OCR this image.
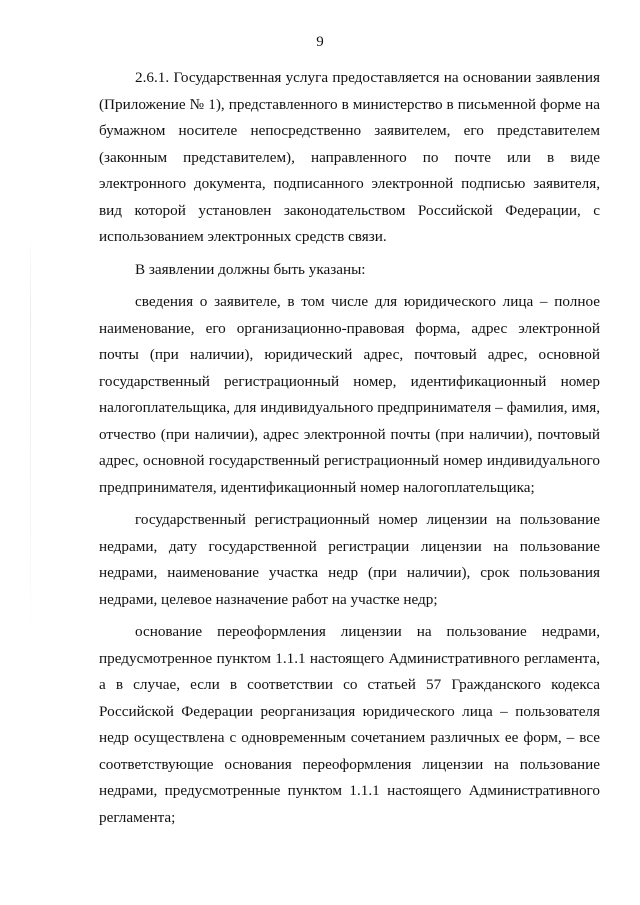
9
2.6.1. Государственная услуга предоставляется на основании заявления
(Приложение № 1), представленного в министерство в письменной форме на
бумажном носителе непосредственно заявителем, его представителем
(законным представителем), направленного по почте или в виде
электронного документа, подписанного электронной подписью заявителя,
вид которой установлен законодательством Российской Федерации, с
использованием электронных средств связи.
В заявлении должны быть указаны:
сведения о заявителе, в том числе для юридического лица – полное
наименование, его организационно-правовая форма, адрес электронной
почты (при наличии), юридический адрес, почтовый адрес, основной
государственный регистрационный номер, идентификационный номер
налогоплательщика, для индивидуального предпринимателя – фамилия, имя,
отчество (при наличии), адрес электронной почты (при наличии), почтовый
адрес, основной государственный регистрационный номер индивидуального
предпринимателя, идентификационный номер налогоплательщика;
государственный регистрационный номер лицензии на пользование
недрами, дату государственной регистрации лицензии на пользование
недрами, наименование участка недр (при наличии), срок пользования
недрами, целевое назначение работ на участке недр;
основание переоформления лицензии на пользование недрами,
предусмотренное пунктом 1.1.1 настоящего Административного регламента,
а в случае, если в соответствии со статьей 57 Гражданского кодекса
Российской Федерации реорганизация юридического лица – пользователя
недр осуществлена с одновременным сочетанием различных ее форм, – все
соответствующие основания переоформления лицензии на пользование
недрами, предусмотренные пунктом 1.1.1 настоящего Административного
регламента;
